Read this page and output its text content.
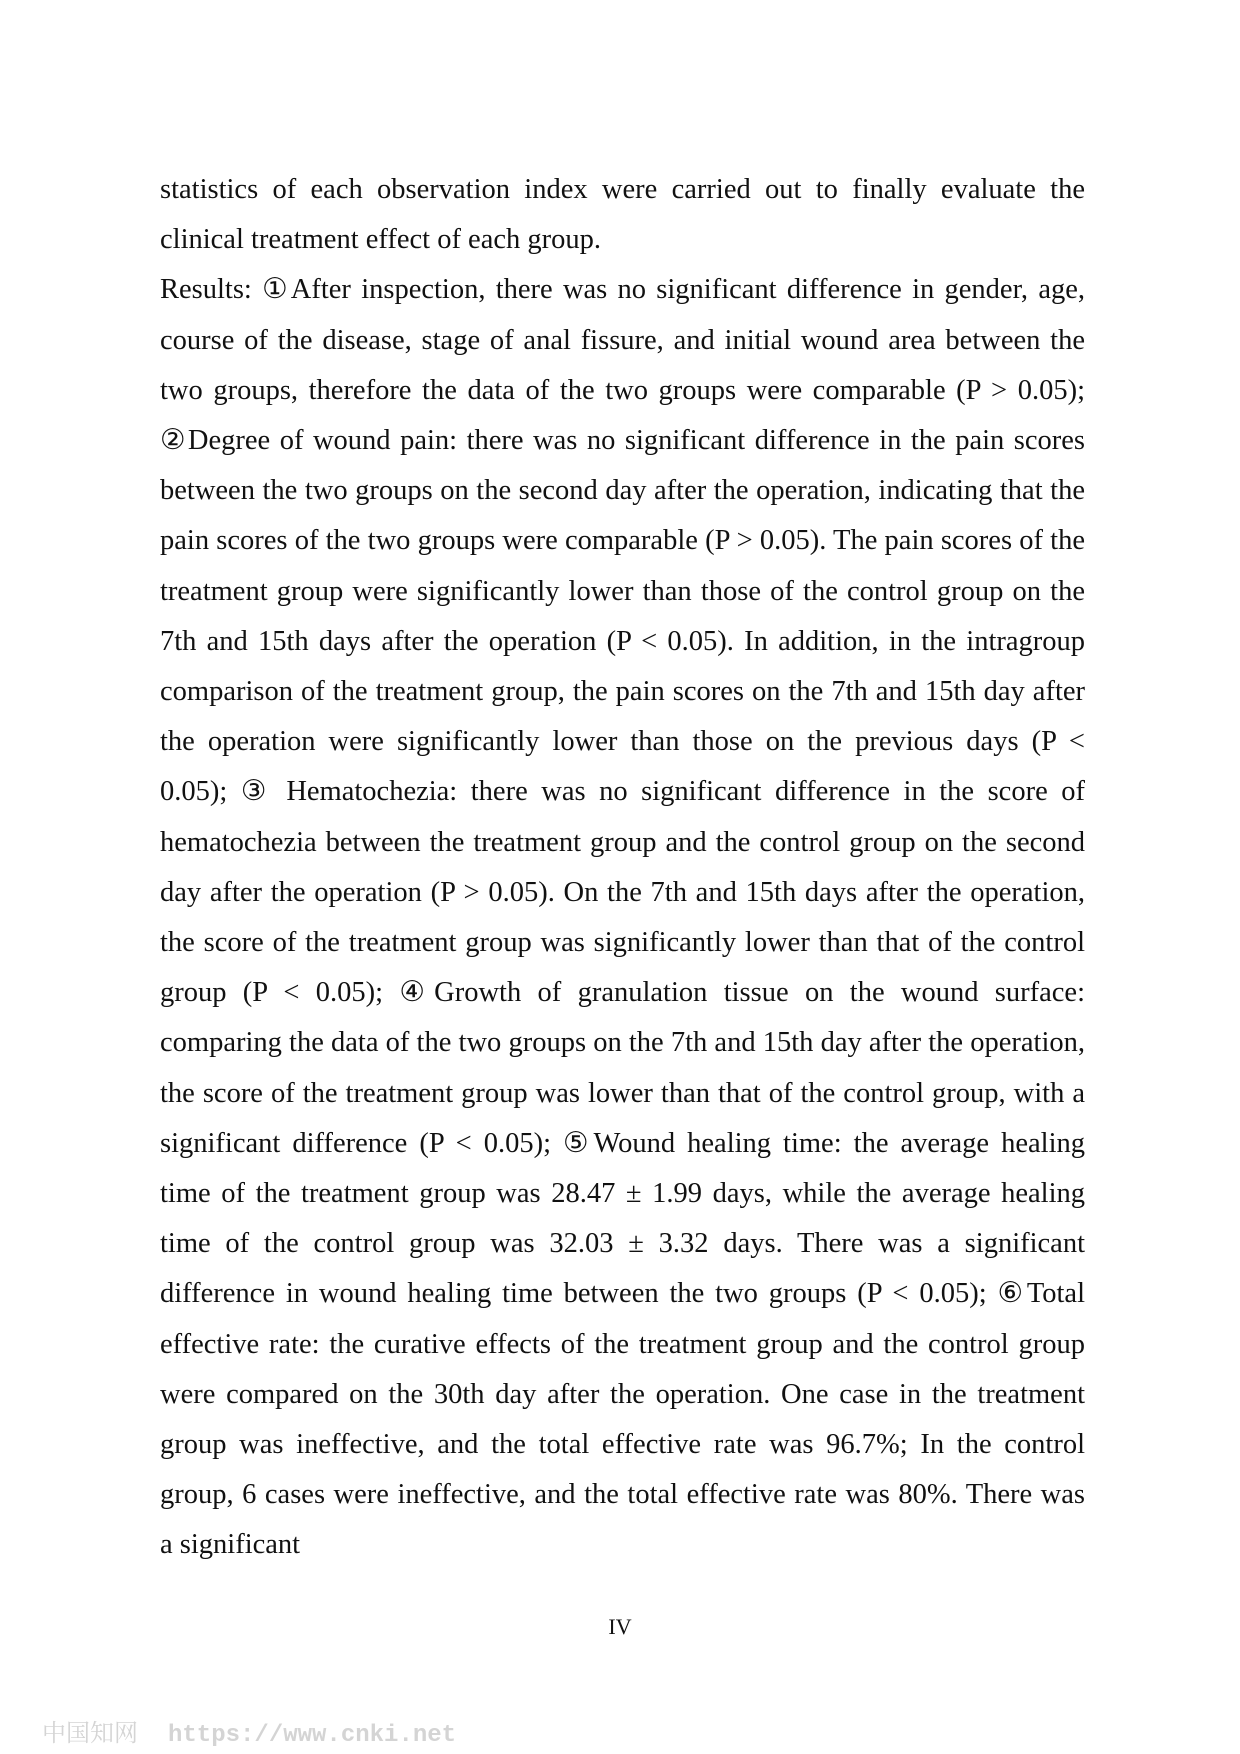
statistics of each observation index were carried out to finally evaluate the clinical treatment effect of each group.

Results: ①After inspection, there was no significant difference in gender, age, course of the disease, stage of anal fissure, and initial wound area between the two groups, therefore the data of the two groups were comparable (P > 0.05); ②Degree of wound pain: there was no significant difference in the pain scores between the two groups on the second day after the operation, indicating that the pain scores of the two groups were comparable (P > 0.05). The pain scores of the treatment group were significantly lower than those of the control group on the 7th and 15th days after the operation (P < 0.05). In addition, in the intragroup comparison of the treatment group, the pain scores on the 7th and 15th day after the operation were significantly lower than those on the previous days (P < 0.05); ③ Hematochezia: there was no significant difference in the score of hematochezia between the treatment group and the control group on the second day after the operation (P > 0.05). On the 7th and 15th days after the operation, the score of the treatment group was significantly lower than that of the control group (P < 0.05); ④Growth of granulation tissue on the wound surface: comparing the data of the two groups on the 7th and 15th day after the operation, the score of the treatment group was lower than that of the control group, with a significant difference (P < 0.05); ⑤Wound healing time: the average healing time of the treatment group was 28.47 ± 1.99 days, while the average healing time of the control group was 32.03 ± 3.32 days. There was a significant difference in wound healing time between the two groups (P < 0.05); ⑥Total effective rate: the curative effects of the treatment group and the control group were compared on the 30th day after the operation. One case in the treatment group was ineffective, and the total effective rate was 96.7%; In the control group, 6 cases were ineffective, and the total effective rate was 80%. There was a significant

IV
中国知网 https://www.cnki.net
